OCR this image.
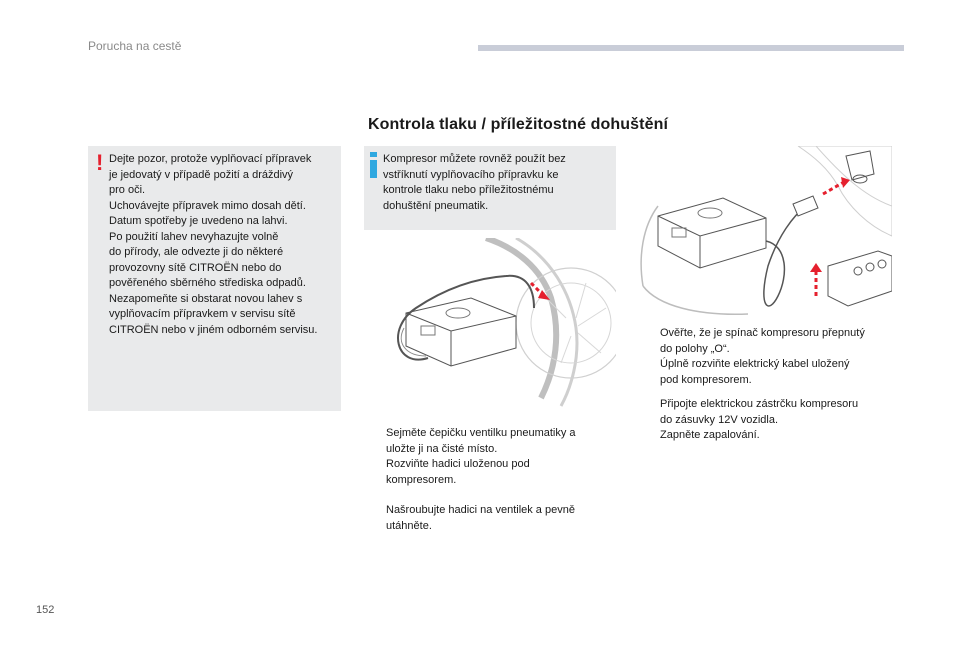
Porucha na cestě
Kontrola tlaku / příležitostné dohuštění
! Dejte pozor, protože vyplňovací přípravek

je jedovatý v případě požití a dráždivý

pro oči.

Uchovávejte přípravek mimo dosah dětí.

Datum spotřeby je uvedeno na lahvi.

Po použití lahev nevyhazujte volně

do přírody, ale odvezte ji do některé

provozovny sítě CITROËN nebo do

pověřeného sběrného střediska odpadů.

Nezapomeňte si obstarat novou lahev s

vyplňovacím přípravkem v servisu sítě

CITROËN nebo v jiném odborném servisu.

Kompresor můžete rovněž použít bez
vstříknutí vyplňovacího přípravku ke
kontrole tlaku nebo příležitostnému
dohuštění pneumatik.
Sejměte čepičku ventilku pneumatiky a
uložte ji na čisté místo.
Rozviňte hadici uloženou pod
kompresorem.
Našroubujte hadici na ventilek a pevně
utáhněte.
Ověřte, že je spínač kompresoru přepnutý
do polohy „O“.
Úplně rozviňte elektrický kabel uložený
pod kompresorem.
Připojte elektrickou zástrčku kompresoru
do zásuvky 12V vozidla.
Zapněte zapalování.
152
